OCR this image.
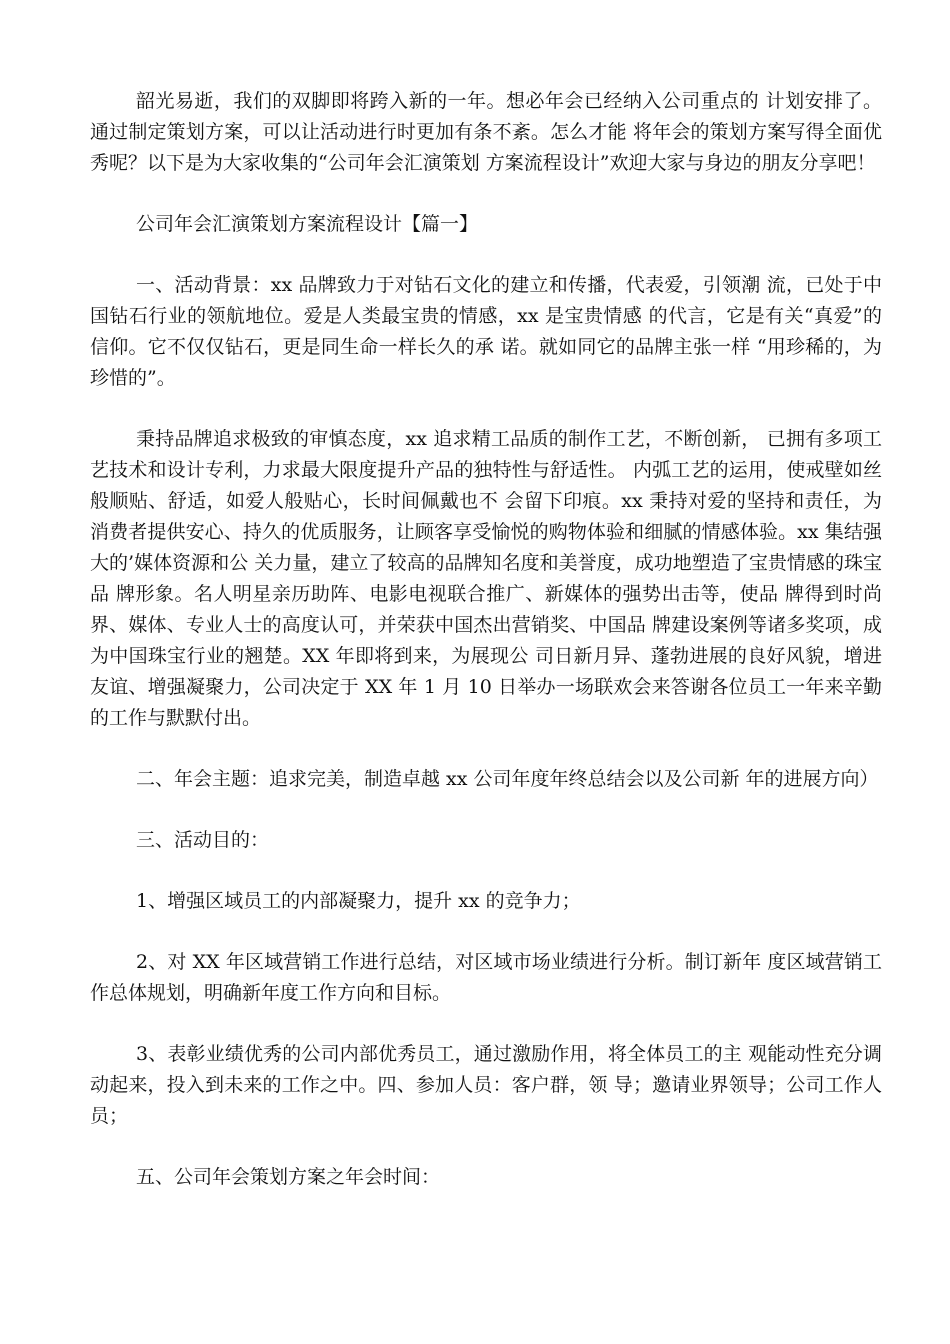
韶光易逝，我们的双脚即将跨入新的一年。想必年会已经纳入公司重点的 计划安排了。通过制定策划方案，可以让活动进行时更加有条不紊。怎么才能 将年会的策划方案写得全面优秀呢？以下是为大家收集的“公司年会汇演策划 方案流程设计”欢迎大家与身边的朋友分享吧！

公司年会汇演策划方案流程设计【篇一】

一、活动背景：xx 品牌致力于对钻石文化的建立和传播，代表爱，引领潮 流，已处于中国钻石行业的领航地位。爱是人类最宝贵的情感，xx 是宝贵情感 的代言，它是有关“真爱”的信仰。它不仅仅钻石，更是同生命一样长久的承 诺。就如同它的品牌主张一样 “用珍稀的，为珍惜的”。

秉持品牌追求极致的审慎态度，xx 追求精工品质的制作工艺，不断创新， 已拥有多项工艺技术和设计专利，力求最大限度提升产品的独特性与舒适性。 内弧工艺的运用，使戒壁如丝般顺贴、舒适，如爱人般贴心，长时间佩戴也不 会留下印痕。xx 秉持对爱的坚持和责任，为消费者提供安心、持久的优质服务，让顾客享受愉悦的购物体验和细腻的情感体验。xx 集结强大的’媒体资源和公 关力量，建立了较高的品牌知名度和美誉度，成功地塑造了宝贵情感的珠宝品 牌形象。名人明星亲历助阵、电影电视联合推广、新媒体的强势出击等，使品 牌得到时尚界、媒体、专业人士的高度认可，并荣获中国杰出营销奖、中国品 牌建设案例等诸多奖项，成为中国珠宝行业的翘楚。XX 年即将到来，为展现公 司日新月异、蓬勃进展的良好风貌，增进友谊、增强凝聚力，公司决定于 XX 年 1 月 10 日举办一场联欢会来答谢各位员工一年来辛勤的工作与默默付出。

二、年会主题：追求完美，制造卓越 xx 公司年度年终总结会以及公司新 年的进展方向）

三、活动目的：

1、增强区域员工的内部凝聚力，提升 xx 的竞争力；

2、对 XX 年区域营销工作进行总结，对区域市场业绩进行分析。制订新年 度区域营销工作总体规划，明确新年度工作方向和目标。

3、表彰业绩优秀的公司内部优秀员工，通过激励作用，将全体员工的主 观能动性充分调动起来，投入到未来的工作之中。四、参加人员：客户群，领 导；邀请业界领导；公司工作人员；

五、公司年会策划方案之年会时间：
